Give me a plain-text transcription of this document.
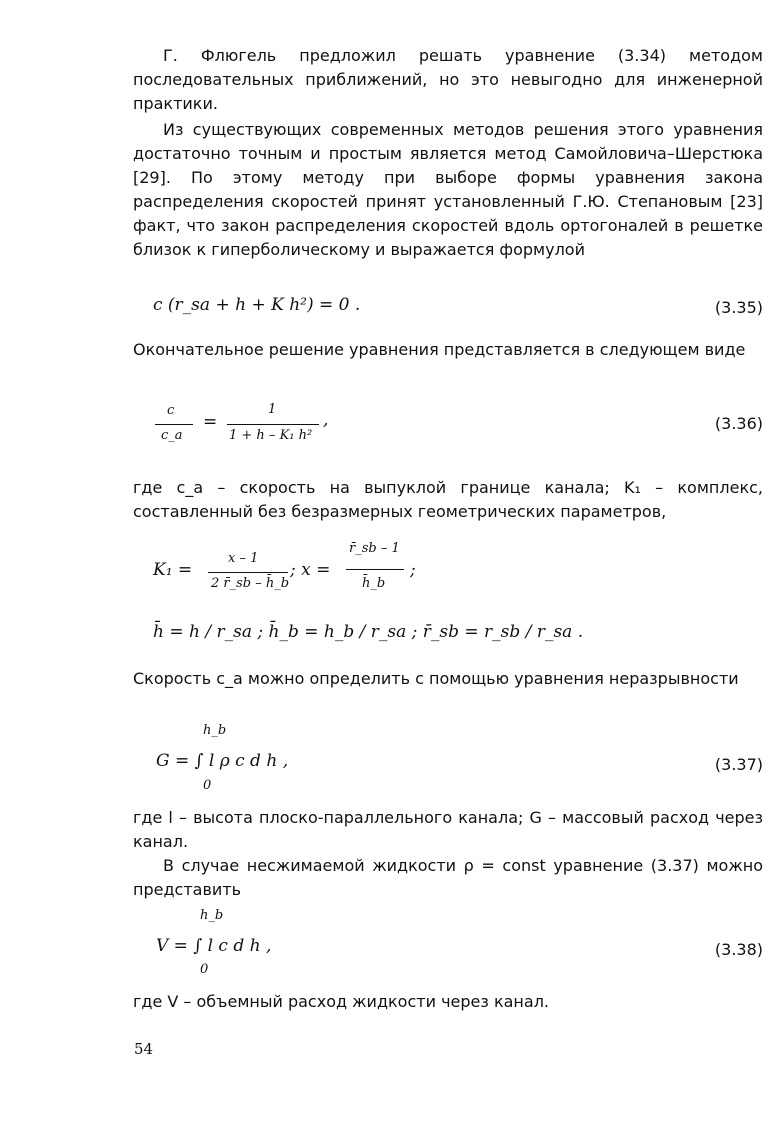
Г. Флюгель предложил решать уравнение (3.34) методом последовательных приближений, но это невыгодно для инженерной практики.
Из существующих современных методов решения этого уравнения достаточно точным и простым является метод Самойловича–Шерстюка [29]. По этому методу при выборе формы уравнения закона распределения скоростей принят установленный Г.Ю. Степановым [23] факт, что закон распределения скоростей вдоль ортогоналей в решетке близок к гиперболическому и выражается формулой
c (r_sa + h + K h²) = 0 .	(3.35)
Окончательное решение уравнения представляется в следующем виде
c
c_a
=
1
1 + h – K₁ h²
,	(3.36)
где c_a – скорость на выпуклой границе канала; K₁ – комплекс, составленный без безразмерных геометрических параметров,
K₁ =
x – 1
2 r̄_sb – h̄_b
; x =
r̄_sb – 1
h̄_b
;
h̄ = h / r_sa ; h̄_b = h_b / r_sa ; r̄_sb = r_sb / r_sa .
Скорость c_a можно определить с помощью уравнения неразрывности
h_b
G = ∫ l ρ c d h ,
0
(3.37)
где l – высота плоско-параллельного канала; G – массовый расход через канал.
В случае несжимаемой жидкости ρ = const уравнение (3.37) можно представить
h_b
V = ∫ l c d h ,
0
(3.38)
где V – объемный расход жидкости через канал.
54
